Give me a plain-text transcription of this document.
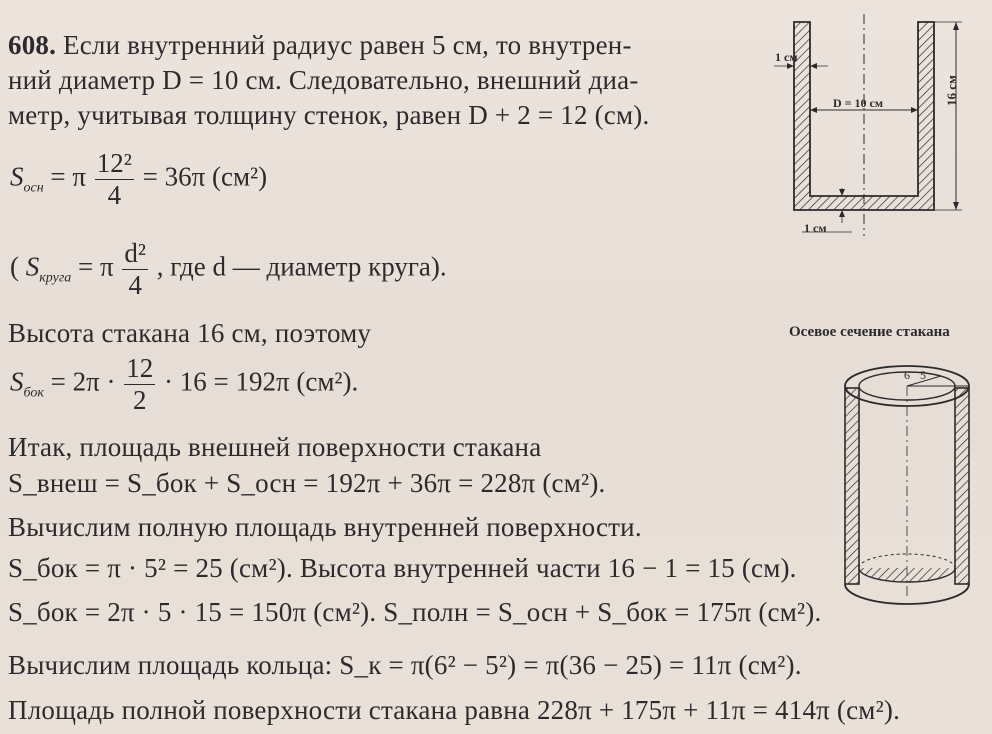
608. Если внутренний радиус равен 5 см, то внутрен-
ний диаметр D = 10 см. Следовательно, внешний диа-
метр, учитывая толщину стенок, равен D + 2 = 12 (см).
$S_{осн} = \pi \frac{\text{12²}}{4} = 36\pi$ (см²)
( $S_{круга} = \pi \frac{\text{d²}}{4}$ , где d — диаметр круга).
Высота стакана 16 см, поэтому
$S_{бок} = 2\pi \cdot \frac{12}{2} \cdot 16 = 192\pi$ (см²).
Итак, площадь внешней поверхности стакана
S_внеш = S_бок + S_осн = 192π + 36π = 228π (см²).
Вычислим полную площадь внутренней поверхности.
S_бок = π · 5² = 25 (см²). Высота внутренней части 16 − 1 = 15 (см).
S_бок = 2π · 5 · 15 = 150π (см²). S_полн = S_осн + S_бок = 175π (см²).
Вычислим площадь кольца: S_к = π(6² − 5²) = π(36 − 25) = 11π (см²).
Площадь полной поверхности стакана равна 228π + 175π + 11π = 414π (см²).
1 см
D = 10 см	16 см
1 см
Осевое сечение стакана
6 5
